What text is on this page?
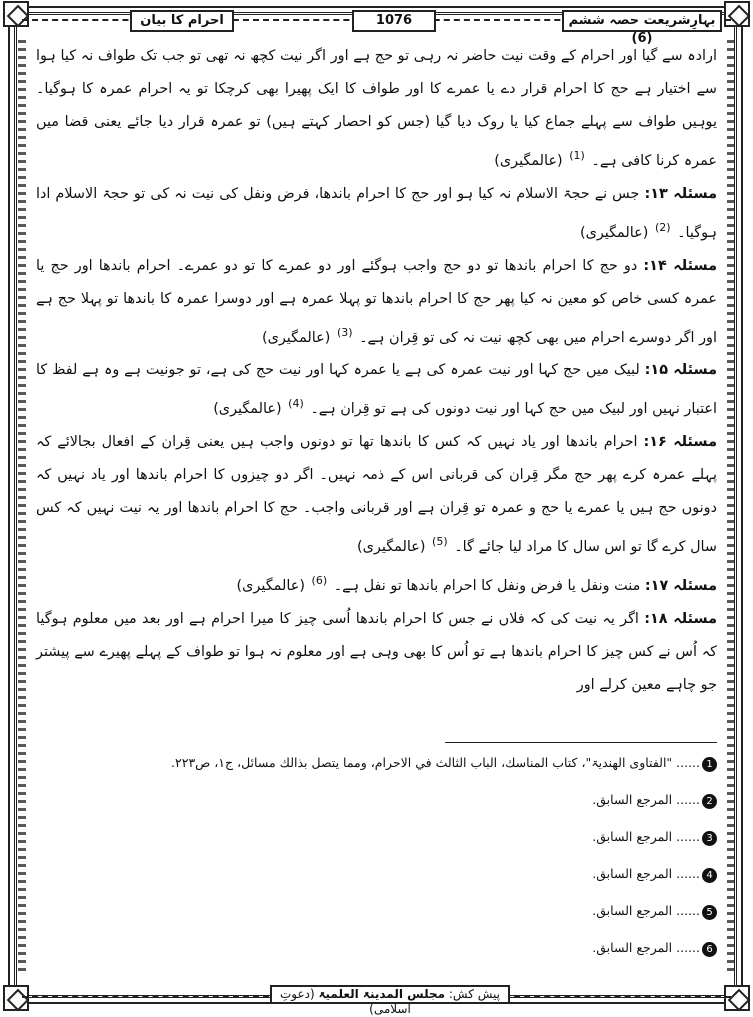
بہارِشریعت حصہ ششم (6)
1076
احرام کا بیان

ارادہ سے گیا اور احرام کے وقت نیت حاضر نہ رہی تو حج ہے اور اگر نیت کچھ نہ تھی تو جب تک طواف نہ کیا ہوا سے اختیار ہے حج کا احرام قرار دے یا عمرے کا اور طواف کا ایک پھیرا بھی کرچکا تو یہ احرام عمرہ کا ہوگیا۔ یوہیں طواف سے پہلے جماع کیا یا روک دیا گیا (جس کو احصار کہتے ہیں) تو عمرہ قرار دیا جائے یعنی قضا میں عمرہ کرنا کافی ہے۔ $^{(1)}$ (عالمگیری)

مسئلہ ۱۳: جس نے حجۃ الاسلام نہ کیا ہو اور حج کا احرام باندھا، فرض ونفل کی نیت نہ کی تو حجۃ الاسلام ادا ہوگیا۔ $^{(2)}$ (عالمگیری)

مسئلہ ۱۴: دو حج کا احرام باندھا تو دو حج واجب ہوگئے اور دو عمرے کا تو دو عمرے۔ احرام باندھا اور حج یا عمرہ کسی خاص کو معین نہ کیا پھر حج کا احرام باندھا تو پہلا عمرہ ہے اور دوسرا عمرہ کا باندھا تو پہلا حج ہے اور اگر دوسرے احرام میں بھی کچھ نیت نہ کی تو قِران ہے۔ $^{(3)}$ (عالمگیری)

مسئلہ ۱۵: لبیک میں حج کہا اور نیت عمرہ کی ہے یا عمرہ کہا اور نیت حج کی ہے، تو جونیت ہے وہ ہے لفظ کا اعتبار نہیں اور لبیک میں حج کہا اور نیت دونوں کی ہے تو قِران ہے۔ $^{(4)}$ (عالمگیری)

مسئلہ ۱۶: احرام باندھا اور یاد نہیں کہ کس کا باندھا تھا تو دونوں واجب ہیں یعنی قِران کے افعال بجالائے کہ پہلے عمرہ کرے پھر حج مگر قِران کی قربانی اس کے ذمہ نہیں۔ اگر دو چیزوں کا احرام باندھا اور یاد نہیں کہ دونوں حج ہیں یا عمرے یا حج و عمرہ تو قِران ہے اور قربانی واجب۔ حج کا احرام باندھا اور یہ نیت نہیں کہ کس سال کرے گا تو اس سال کا مراد لیا جائے گا۔ $^{(5)}$ (عالمگیری)

مسئلہ ۱۷: منت ونفل یا فرض ونفل کا احرام باندھا تو نفل ہے۔ $^{(6)}$ (عالمگیری)

مسئلہ ۱۸: اگر یہ نیت کی کہ فلاں نے جس کا احرام باندھا اُسی چیز کا میرا احرام ہے اور بعد میں معلوم ہوگیا کہ اُس نے کس چیز کا احرام باندھا ہے تو اُس کا بھی وہی ہے اور معلوم نہ ہوا تو طواف کے پہلے پھیرے سے پیشتر جو چاہے معین کرلے اور

1...... "الفتاوی الھندیۃ"، کتاب المناسك، الباب الثالث في الاحرام، ومما یتصل بذالك مسائل، ج۱، ص۲۲۳.
2...... المرجع السابق.
3...... المرجع السابق.
4...... المرجع السابق.
5...... المرجع السابق.
6...... المرجع السابق.
پیش کش: مجلس المدینۃ العلمیۃ (دعوتِ اسلامی)
